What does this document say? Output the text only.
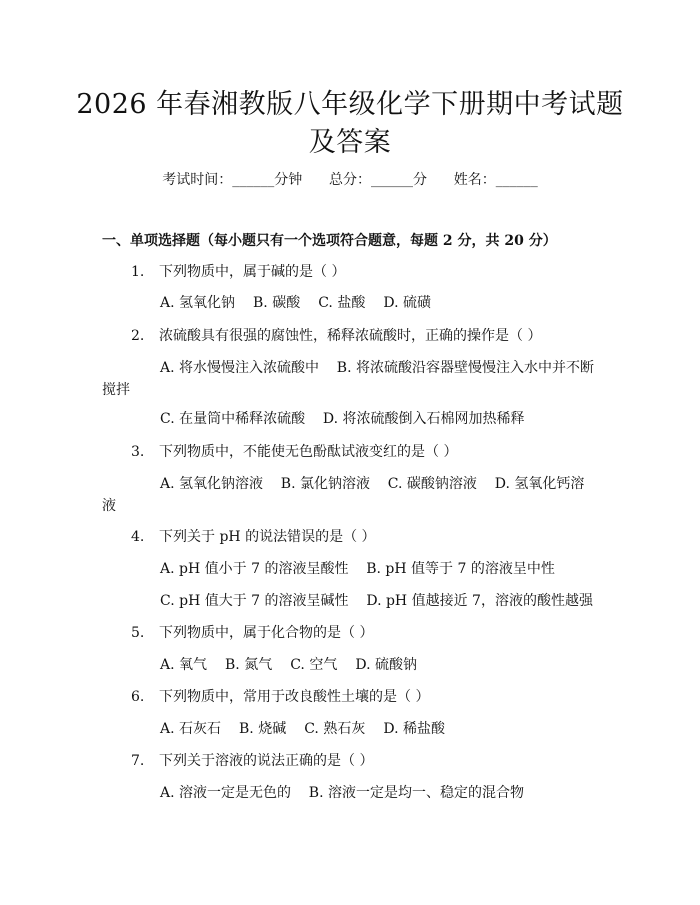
2026 年春湘教版八年级化学下册期中考试题
及答案
考试时间：______分钟      总分：______分      姓名：______
一、单项选择题（每小题只有一个选项符合题意，每题 2 分，共 20 分）
1. 下列物质中，属于碱的是（ ）
A. 氢氧化钠 B. 碳酸 C. 盐酸 D. 硫磺
2. 浓硫酸具有很强的腐蚀性，稀释浓硫酸时，正确的操作是（ ）
A. 将水慢慢注入浓硫酸中    B. 将浓硫酸沿容器壁慢慢注入水中并不断
搅拌
C. 在量筒中稀释浓硫酸    D. 将浓硫酸倒入石棉网加热稀释
3. 下列物质中，不能使无色酚酞试液变红的是（ ）
A. 氢氧化钠溶液    B. 氯化钠溶液    C. 碳酸钠溶液    D. 氢氧化钙溶
液
4. 下列关于 pH 的说法错误的是（ ）
A. pH 值小于 7 的溶液呈酸性    B. pH 值等于 7 的溶液呈中性
C. pH 值大于 7 的溶液呈碱性    D. pH 值越接近 7，溶液的酸性越强
5. 下列物质中，属于化合物的是（ ）
A. 氧气 B. 氮气 C. 空气 D. 硫酸钠
6. 下列物质中，常用于改良酸性土壤的是（ ）
A. 石灰石 B. 烧碱 C. 熟石灰 D. 稀盐酸
7. 下列关于溶液的说法正确的是（ ）
A. 溶液一定是无色的    B. 溶液一定是均一、稳定的混合物
